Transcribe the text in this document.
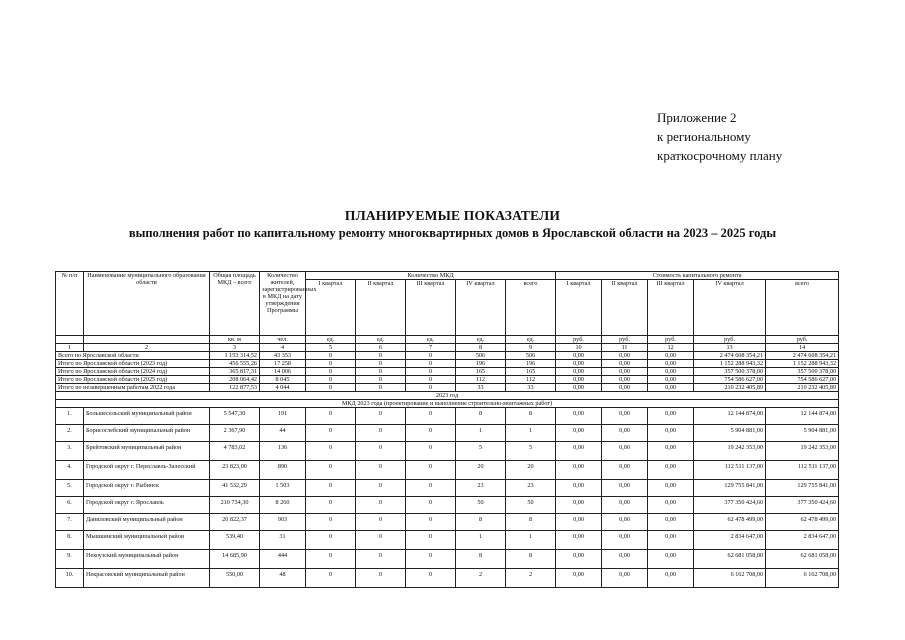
Приложение 2
к региональному
краткосрочному плану
ПЛАНИРУЕМЫЕ ПОКАЗАТЕЛИ
выполнения работ по капитальному ремонту многоквартирных домов в Ярославской области на 2023 – 2025 годы
№ п/п	Наименование муниципального образования области	Общая площадь МКД – всего	Количество жителей, зарегистрированных в МКД на дату утверждения Программы	Количество МКД					Стоимость капитального ремонта				
				I квартал	II квартал	III квартал	IV квартал	всего	I квартал	II квартал	III квартал	IV квартал	всего
		кв. м	чел.	ед.	ед.	ед.	ед.	ед.	руб.	руб.	руб.	руб.	руб.
1	2	3	4	5	6	7	8	9	10	11	12	13	14
Всего по Ярославской области		1 153 314,52	43 353	0	0	0	506	506	0,00	0,00	0,00	2 474 608 354,21	2 474 608 354,21
Итого по Ярославской области (2023 год)		456 555,26	17 258	0	0	0	196	196	0,00	0,00	0,00	1 152 288 943,32	1 152 288 943,32
Итого по Ярославской области (2024 год)		365 817,31	14 006	0	0	0	165	165	0,00	0,00	0,00	357 500 378,00	357 500 378,00
Итого по Ярославской области (2025 год)		208 064,42	8 045	0	0	0	112	112	0,00	0,00	0,00	754 586 627,00	754 586 627,00
Итого по незавершенным работам 2022 года		122 877,53	4 044	0	0	0	33	33	0,00	0,00	0,00	210 232 405,89	210 232 405,89
2023 год													
МКД 2023 года (проектирование и выполнение строительно-монтажных работ)													
1.	Большесельский муниципальный район	5 547,30	191	0	0	0	8	8	0,00	0,00	0,00	12 144 874,00	12 144 874,00
2.	Борисоглебский муниципальный район	2 367,90	44	0	0	0	1	1	0,00	0,00	0,00	5 904 881,00	5 904 881,00
3.	Брейтовский муниципальный район	4 783,02	136	0	0	0	5	5	0,00	0,00	0,00	19 242 353,00	19 242 353,00
4.	Городской округ г. Переславль-Залесский	23 823,00	890	0	0	0	20	20	0,00	0,00	0,00	112 511 137,00	112 511 137,00
5.	Городской округ г. Рыбинск	41 532,29	1 503	0	0	0	23	23	0,00	0,00	0,00	129 755 841,00	129 755 841,00
6.	Городской округ г. Ярославль	210 734,30	8 260	0	0	0	50	50	0,00	0,00	0,00	377 350 424,60	377 350 424,60
7.	Даниловский муниципальный район	20 822,37	903	0	0	0	8	8	0,00	0,00	0,00	62 478 499,00	62 478 499,00
8.	Мышкинский муниципальный район	539,40	31	0	0	0	1	1	0,00	0,00	0,00	2 834 647,00	2 834 647,00
9.	Некоузский муниципальный район	14 685,90	444	0	0	0	8	8	0,00	0,00	0,00	62 681 058,00	62 681 058,00
10.	Некрасовский муниципальный район	550,00	48	0	0	0	2	2	0,00	0,00	0,00	6 162 708,00	6 162 708,00
